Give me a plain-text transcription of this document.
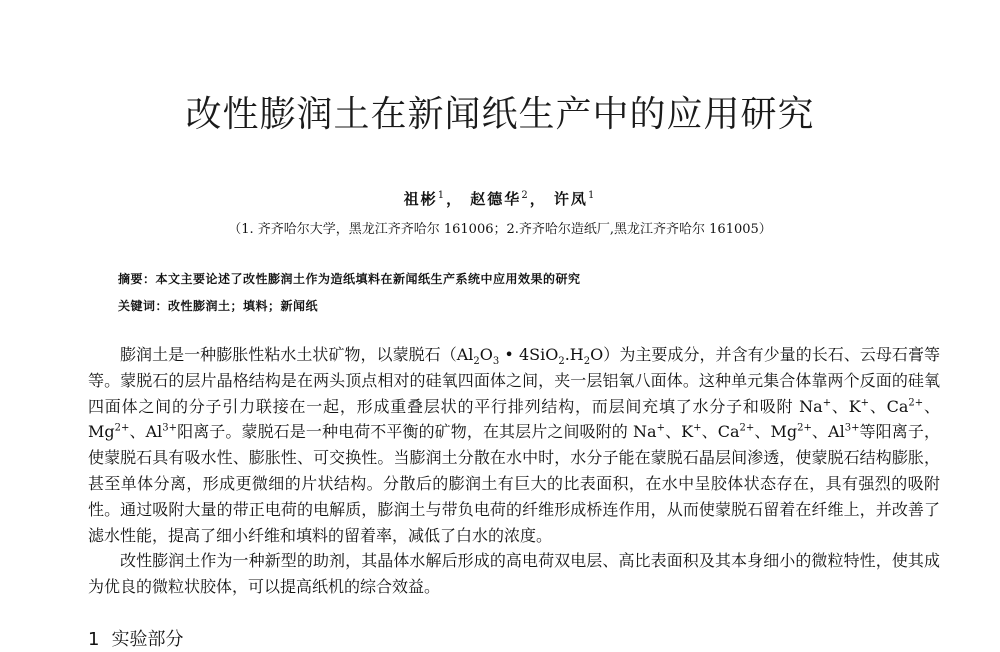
改性膨润土在新闻纸生产中的应用研究
祖彬$^1$， 赵德华$^2$， 许凤$^1$
（1. 齐齐哈尔大学，黑龙江齐齐哈尔 161006；2.齐齐哈尔造纸厂,黑龙江齐齐哈尔 161005）
摘要：本文主要论述了改性膨润土作为造纸填料在新闻纸生产系统中应用效果的研究
关键词：改性膨润土；填料；新闻纸

膨润土是一种膨胀性粘水土状矿物，以蒙脱石（$Al_2O_3$ • $4SiO_2.H_2O$）为主要成分，并含有少量的长石、云母石膏等等。蒙脱石的层片晶格结构是在两头顶点相对的硅氧四面体之间，夹一层铝氧八面体。这种单元集合体靠两个反面的硅氧四面体之间的分子引力联接在一起，形成重叠层状的平行排列结构，而层间充填了水分子和吸附 Na+、K+、$Ca^{2+}$、$Mg^{2+}$、$Al^{3+}$阳离子。蒙脱石是一种电荷不平衡的矿物，在其层片之间吸附的 Na+、K+、$Ca^{2+}$、$Mg^{2+}$、$Al^{3+}$等阳离子，使蒙脱石具有吸水性、膨胀性、可交换性。当膨润土分散在水中时，水分子能在蒙脱石晶层间渗透，使蒙脱石结构膨胀，甚至单体分离，形成更微细的片状结构。分散后的膨润土有巨大的比表面积，在水中呈胶体状态存在，具有强烈的吸附性。通过吸附大量的带正电荷的电解质，膨润土与带负电荷的纤维形成桥连作用，从而使蒙脱石留着在纤维上，并改善了滤水性能，提高了细小纤维和填料的留着率，减低了白水的浓度。

改性膨润土作为一种新型的助剂，其晶体水解后形成的高电荷双电层、高比表面积及其本身细小的微粒特性，使其成为优良的微粒状胶体，可以提高纸机的综合效益。

1 实验部分
